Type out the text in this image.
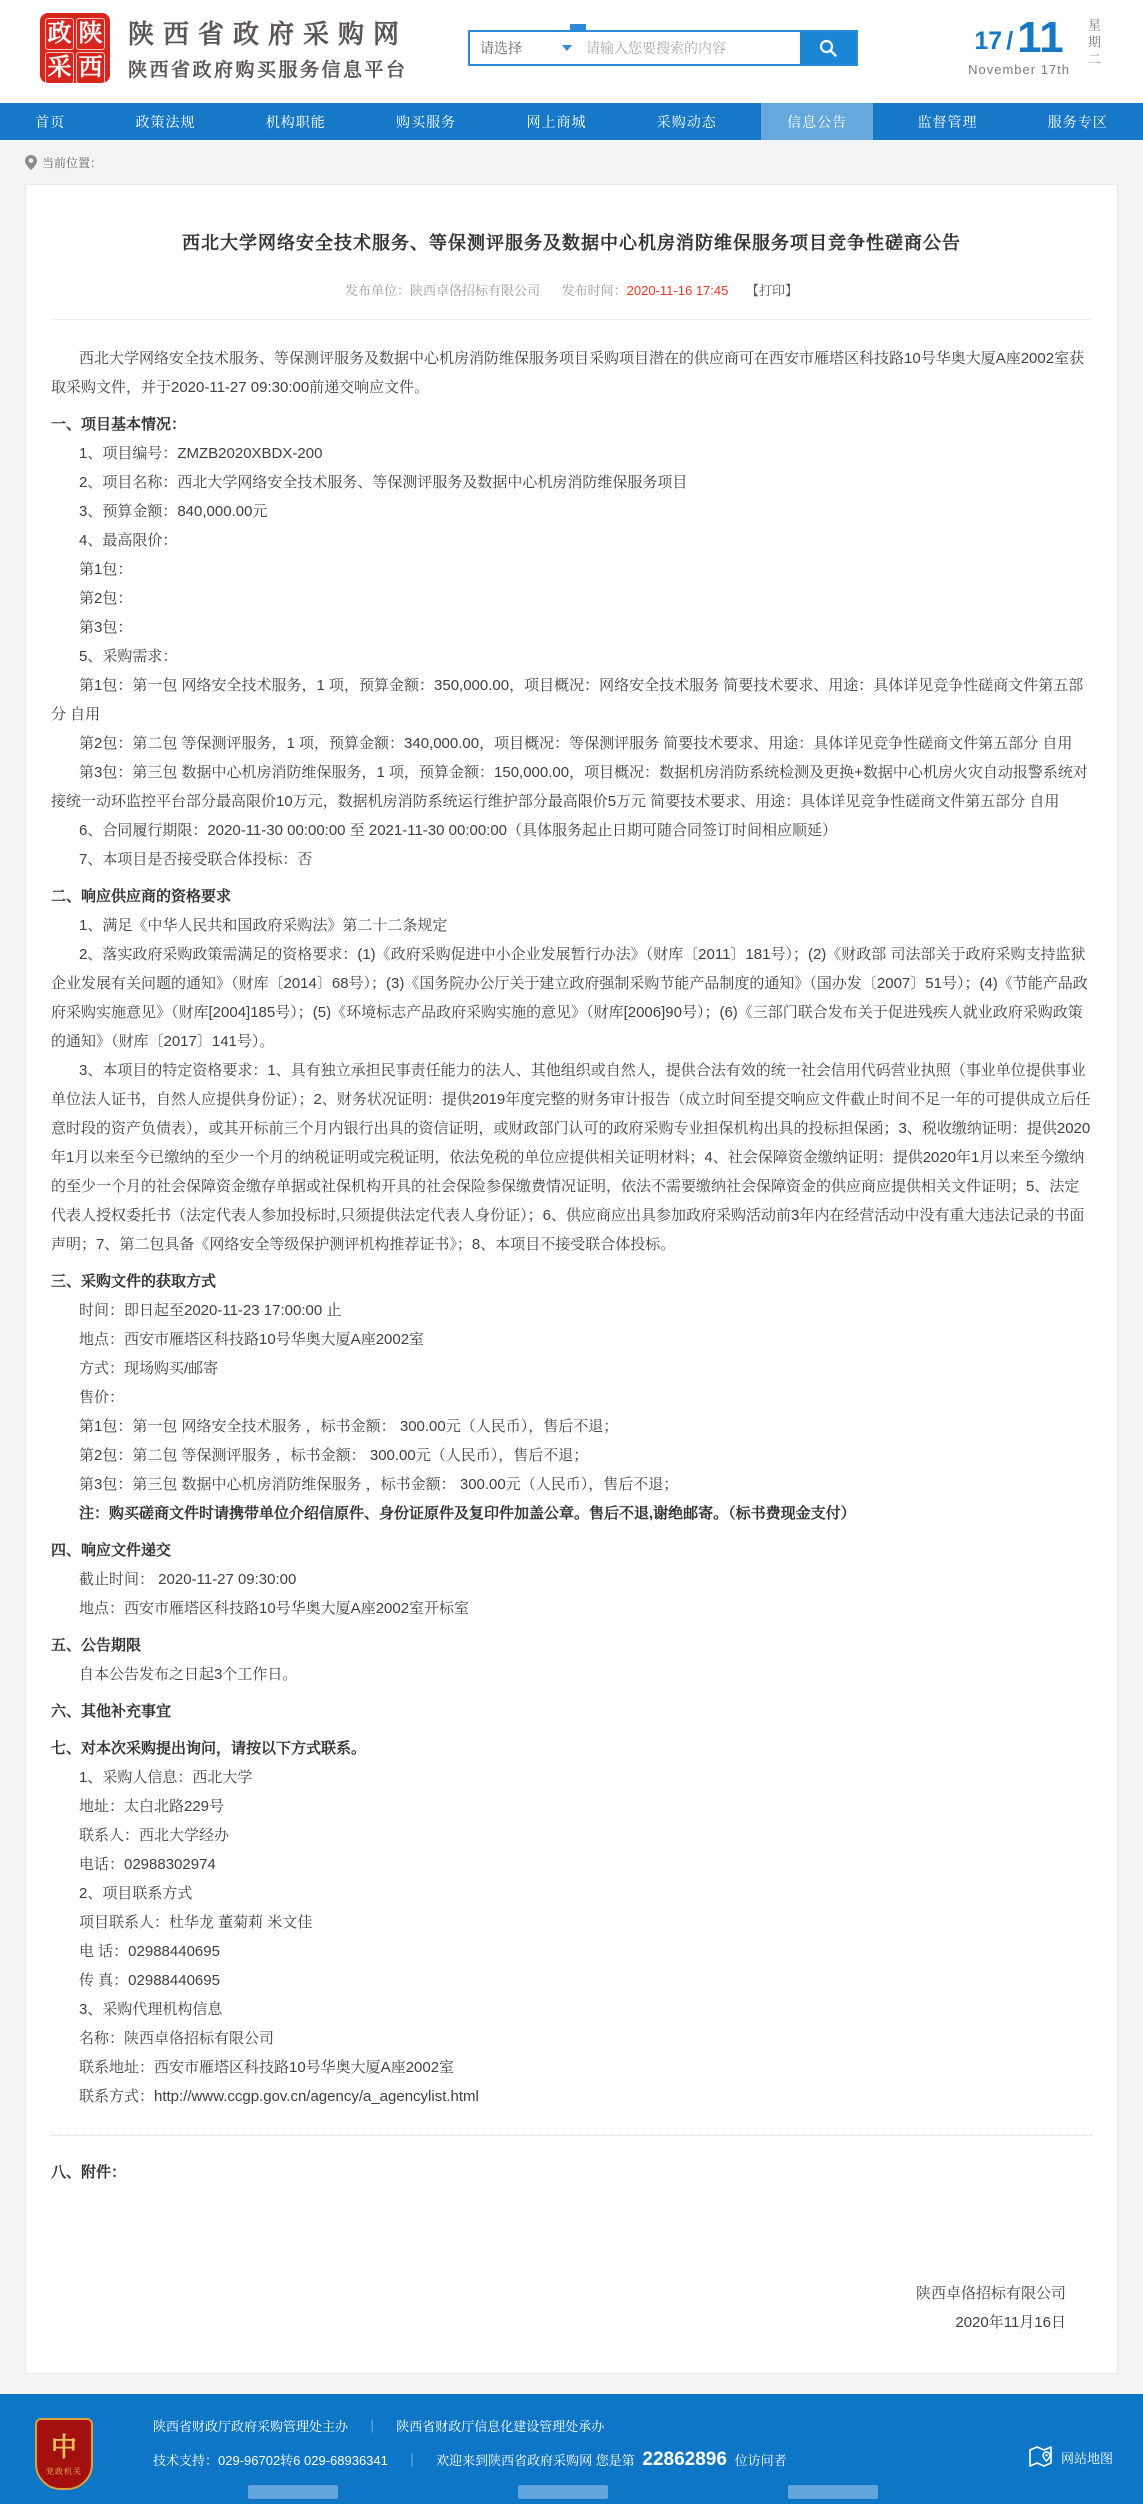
政 陕
采 西
陕西省政府采购网
陕西省政府购买服务信息平台
请选择
请输入您要搜索的内容	17 / 11
November 17th
星期二
首页	政策法规	机构职能	购买服务	网上商城	采购动态	信息公告	监督管理	服务专区
当前位置：
西北大学网络安全技术服务、等保测评服务及数据中心机房消防维保服务项目竞争性磋商公告
发布单位：陕西卓佫招标有限公司 发布时间：2020-11-16 17:45 【打印】

西北大学网络安全技术服务、等保测评服务及数据中心机房消防维保服务项目采购项目潜在的供应商可在西安市雁塔区科技路10号华奥大厦A座2002室获取采购文件，并于2020-11-27 09:30:00前递交响应文件。

一、项目基本情况：

1、项目编号：ZMZB2020XBDX-200

2、项目名称：西北大学网络安全技术服务、等保测评服务及数据中心机房消防维保服务项目

3、预算金额：840,000.00元

4、最高限价：

第1包：

第2包：

第3包：

5、采购需求：

第1包：第一包 网络安全技术服务，1 项，预算金额：350,000.00，项目概况：网络安全技术服务 简要技术要求、用途：具体详见竞争性磋商文件第五部分 自用

第2包：第二包 等保测评服务，1 项，预算金额：340,000.00，项目概况：等保测评服务 简要技术要求、用途：具体详见竞争性磋商文件第五部分 自用

第3包：第三包 数据中心机房消防维保服务，1 项，预算金额：150,000.00，项目概况：数据机房消防系统检测及更换+数据中心机房火灾自动报警系统对接统一动环监控平台部分最高限价10万元，数据机房消防系统运行维护部分最高限价5万元 简要技术要求、用途：具体详见竞争性磋商文件第五部分 自用

6、合同履行期限：2020-11-30 00:00:00 至 2021-11-30 00:00:00（具体服务起止日期可随合同签订时间相应顺延）

7、本项目是否接受联合体投标：否

二、响应供应商的资格要求

1、满足《中华人民共和国政府采购法》第二十二条规定

2、落实政府采购政策需满足的资格要求：(1)《政府采购促进中小企业发展暂行办法》（财库〔2011〕181号）；(2)《财政部 司法部关于政府采购支持监狱企业发展有关问题的通知》（财库〔2014〕68号）；(3)《国务院办公厅关于建立政府强制采购节能产品制度的通知》（国办发〔2007〕51号）；(4)《节能产品政府采购实施意见》（财库[2004]185号）；(5)《环境标志产品政府采购实施的意见》（财库[2006]90号）；(6)《三部门联合发布关于促进残疾人就业政府采购政策的通知》（财库〔2017〕141号）。

3、本项目的特定资格要求：1、具有独立承担民事责任能力的法人、其他组织或自然人，提供合法有效的统一社会信用代码营业执照（事业单位提供事业单位法人证书，自然人应提供身份证）；2、财务状况证明：提供2019年度完整的财务审计报告（成立时间至提交响应文件截止时间不足一年的可提供成立后任意时段的资产负债表），或其开标前三个月内银行出具的资信证明，或财政部门认可的政府采购专业担保机构出具的投标担保函；3、税收缴纳证明：提供2020年1月以来至今已缴纳的至少一个月的纳税证明或完税证明，依法免税的单位应提供相关证明材料；4、社会保障资金缴纳证明：提供2020年1月以来至今缴纳的至少一个月的社会保障资金缴存单据或社保机构开具的社会保险参保缴费情况证明，依法不需要缴纳社会保障资金的供应商应提供相关文件证明；5、法定代表人授权委托书（法定代表人参加投标时,只须提供法定代表人身份证）；6、供应商应出具参加政府采购活动前3年内在经营活动中没有重大违法记录的书面声明；7、第二包具备《网络安全等级保护测评机构推荐证书》；8、本项目不接受联合体投标。

三、采购文件的获取方式

时间：即日起至2020-11-23 17:00:00 止

地点：西安市雁塔区科技路10号华奥大厦A座2002室

方式：现场购买/邮寄

售价：

第1包：第一包 网络安全技术服务 ，标书金额： 300.00元（人民币），售后不退；

第2包：第二包 等保测评服务 ，标书金额： 300.00元（人民币），售后不退；

第3包：第三包 数据中心机房消防维保服务 ，标书金额： 300.00元（人民币），售后不退；

注：购买磋商文件时请携带单位介绍信原件、身份证原件及复印件加盖公章。售后不退,谢绝邮寄。（标书费现金支付）

四、响应文件递交

截止时间： 2020-11-27 09:30:00

地点：西安市雁塔区科技路10号华奥大厦A座2002室开标室

五、公告期限

自本公告发布之日起3个工作日。

六、其他补充事宜

七、对本次采购提出询问，请按以下方式联系。

1、采购人信息：西北大学

地址：太白北路229号

联系人：西北大学经办

电话：02988302974

2、项目联系方式

项目联系人：杜华龙 董菊莉 米文佳

电 话：02988440695

传 真：02988440695

3、采购代理机构信息

名称：陕西卓佫招标有限公司

联系地址：西安市雁塔区科技路10号华奥大厦A座2002室

联系方式：http://www.ccgp.gov.cn/agency/a_agencylist.html

八、附件：

陕西卓佫招标有限公司

2020年11月16日

中
党政机关
陕西省财政厅政府采购管理处主办 ｜ 陕西省财政厅信息化建设管理处承办
技术支持：029-96702转6 029-68936341 ｜ 欢迎来到陕西省政府采购网 您是第 22862896 位访问者	网站地图
